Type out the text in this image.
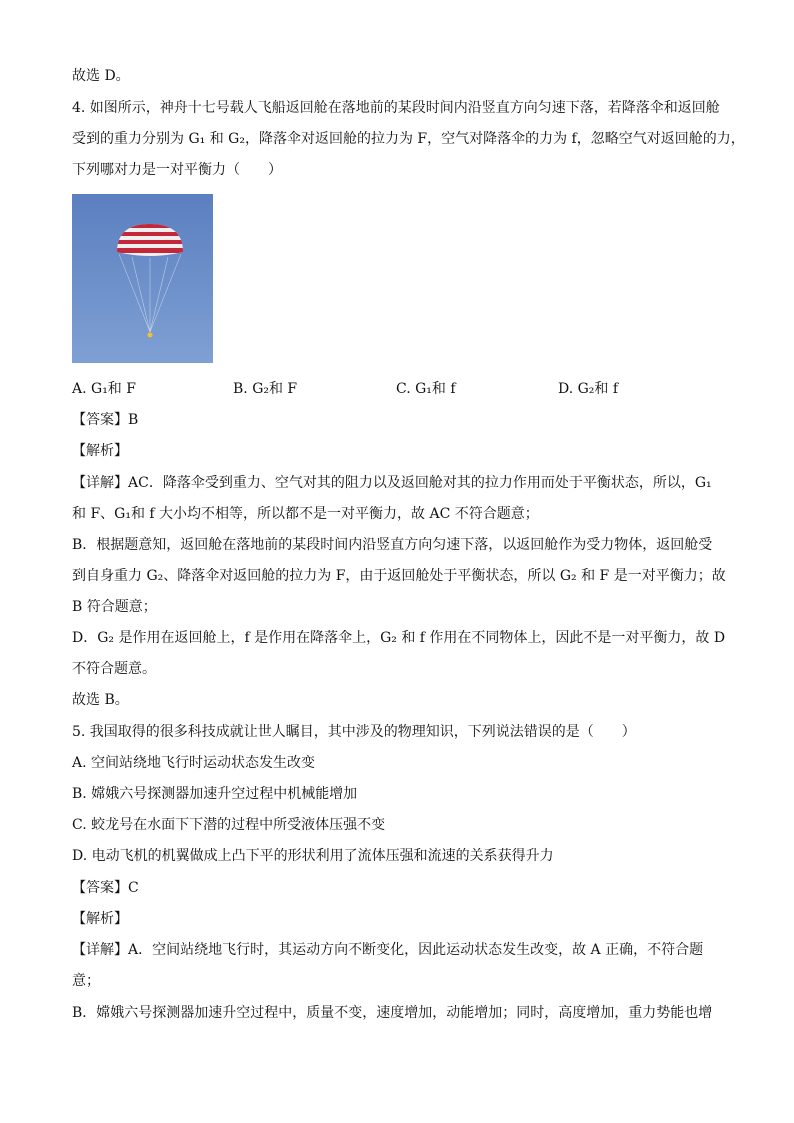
故选 D。
4. 如图所示，神舟十七号载人飞船返回舱在落地前的某段时间内沿竖直方向匀速下落，若降落伞和返回舱
受到的重力分别为 G₁ 和 G₂，降落伞对返回舱的拉力为 F，空气对降落伞的力为 f，忽略空气对返回舱的力，
下列哪对力是一对平衡力（　　）
A. G₁和 F	B. G₂和 F	C. G₁和 f	D. G₂和 f
【答案】B
【解析】
【详解】AC．降落伞受到重力、空气对其的阻力以及返回舱对其的拉力作用而处于平衡状态，所以，G₁
和 F、G₁和 f 大小均不相等，所以都不是一对平衡力，故 AC 不符合题意；
B．根据题意知，返回舱在落地前的某段时间内沿竖直方向匀速下落，以返回舱作为受力物体，返回舱受
到自身重力 G₂、降落伞对返回舱的拉力为 F，由于返回舱处于平衡状态，所以 G₂ 和 F 是一对平衡力；故
B 符合题意；
D．G₂ 是作用在返回舱上，f 是作用在降落伞上，G₂ 和 f 作用在不同物体上，因此不是一对平衡力，故 D
不符合题意。
故选 B。
5. 我国取得的很多科技成就让世人瞩目，其中涉及的物理知识，下列说法错误的是（　　）
A. 空间站绕地飞行时运动状态发生改变
B. 嫦娥六号探测器加速升空过程中机械能增加
C. 蛟龙号在水面下下潜的过程中所受液体压强不变
D. 电动飞机的机翼做成上凸下平的形状利用了流体压强和流速的关系获得升力
【答案】C
【解析】
【详解】A．空间站绕地飞行时，其运动方向不断变化，因此运动状态发生改变，故 A 正确，不符合题
意；
B．嫦娥六号探测器加速升空过程中，质量不变，速度增加，动能增加；同时，高度增加，重力势能也增
